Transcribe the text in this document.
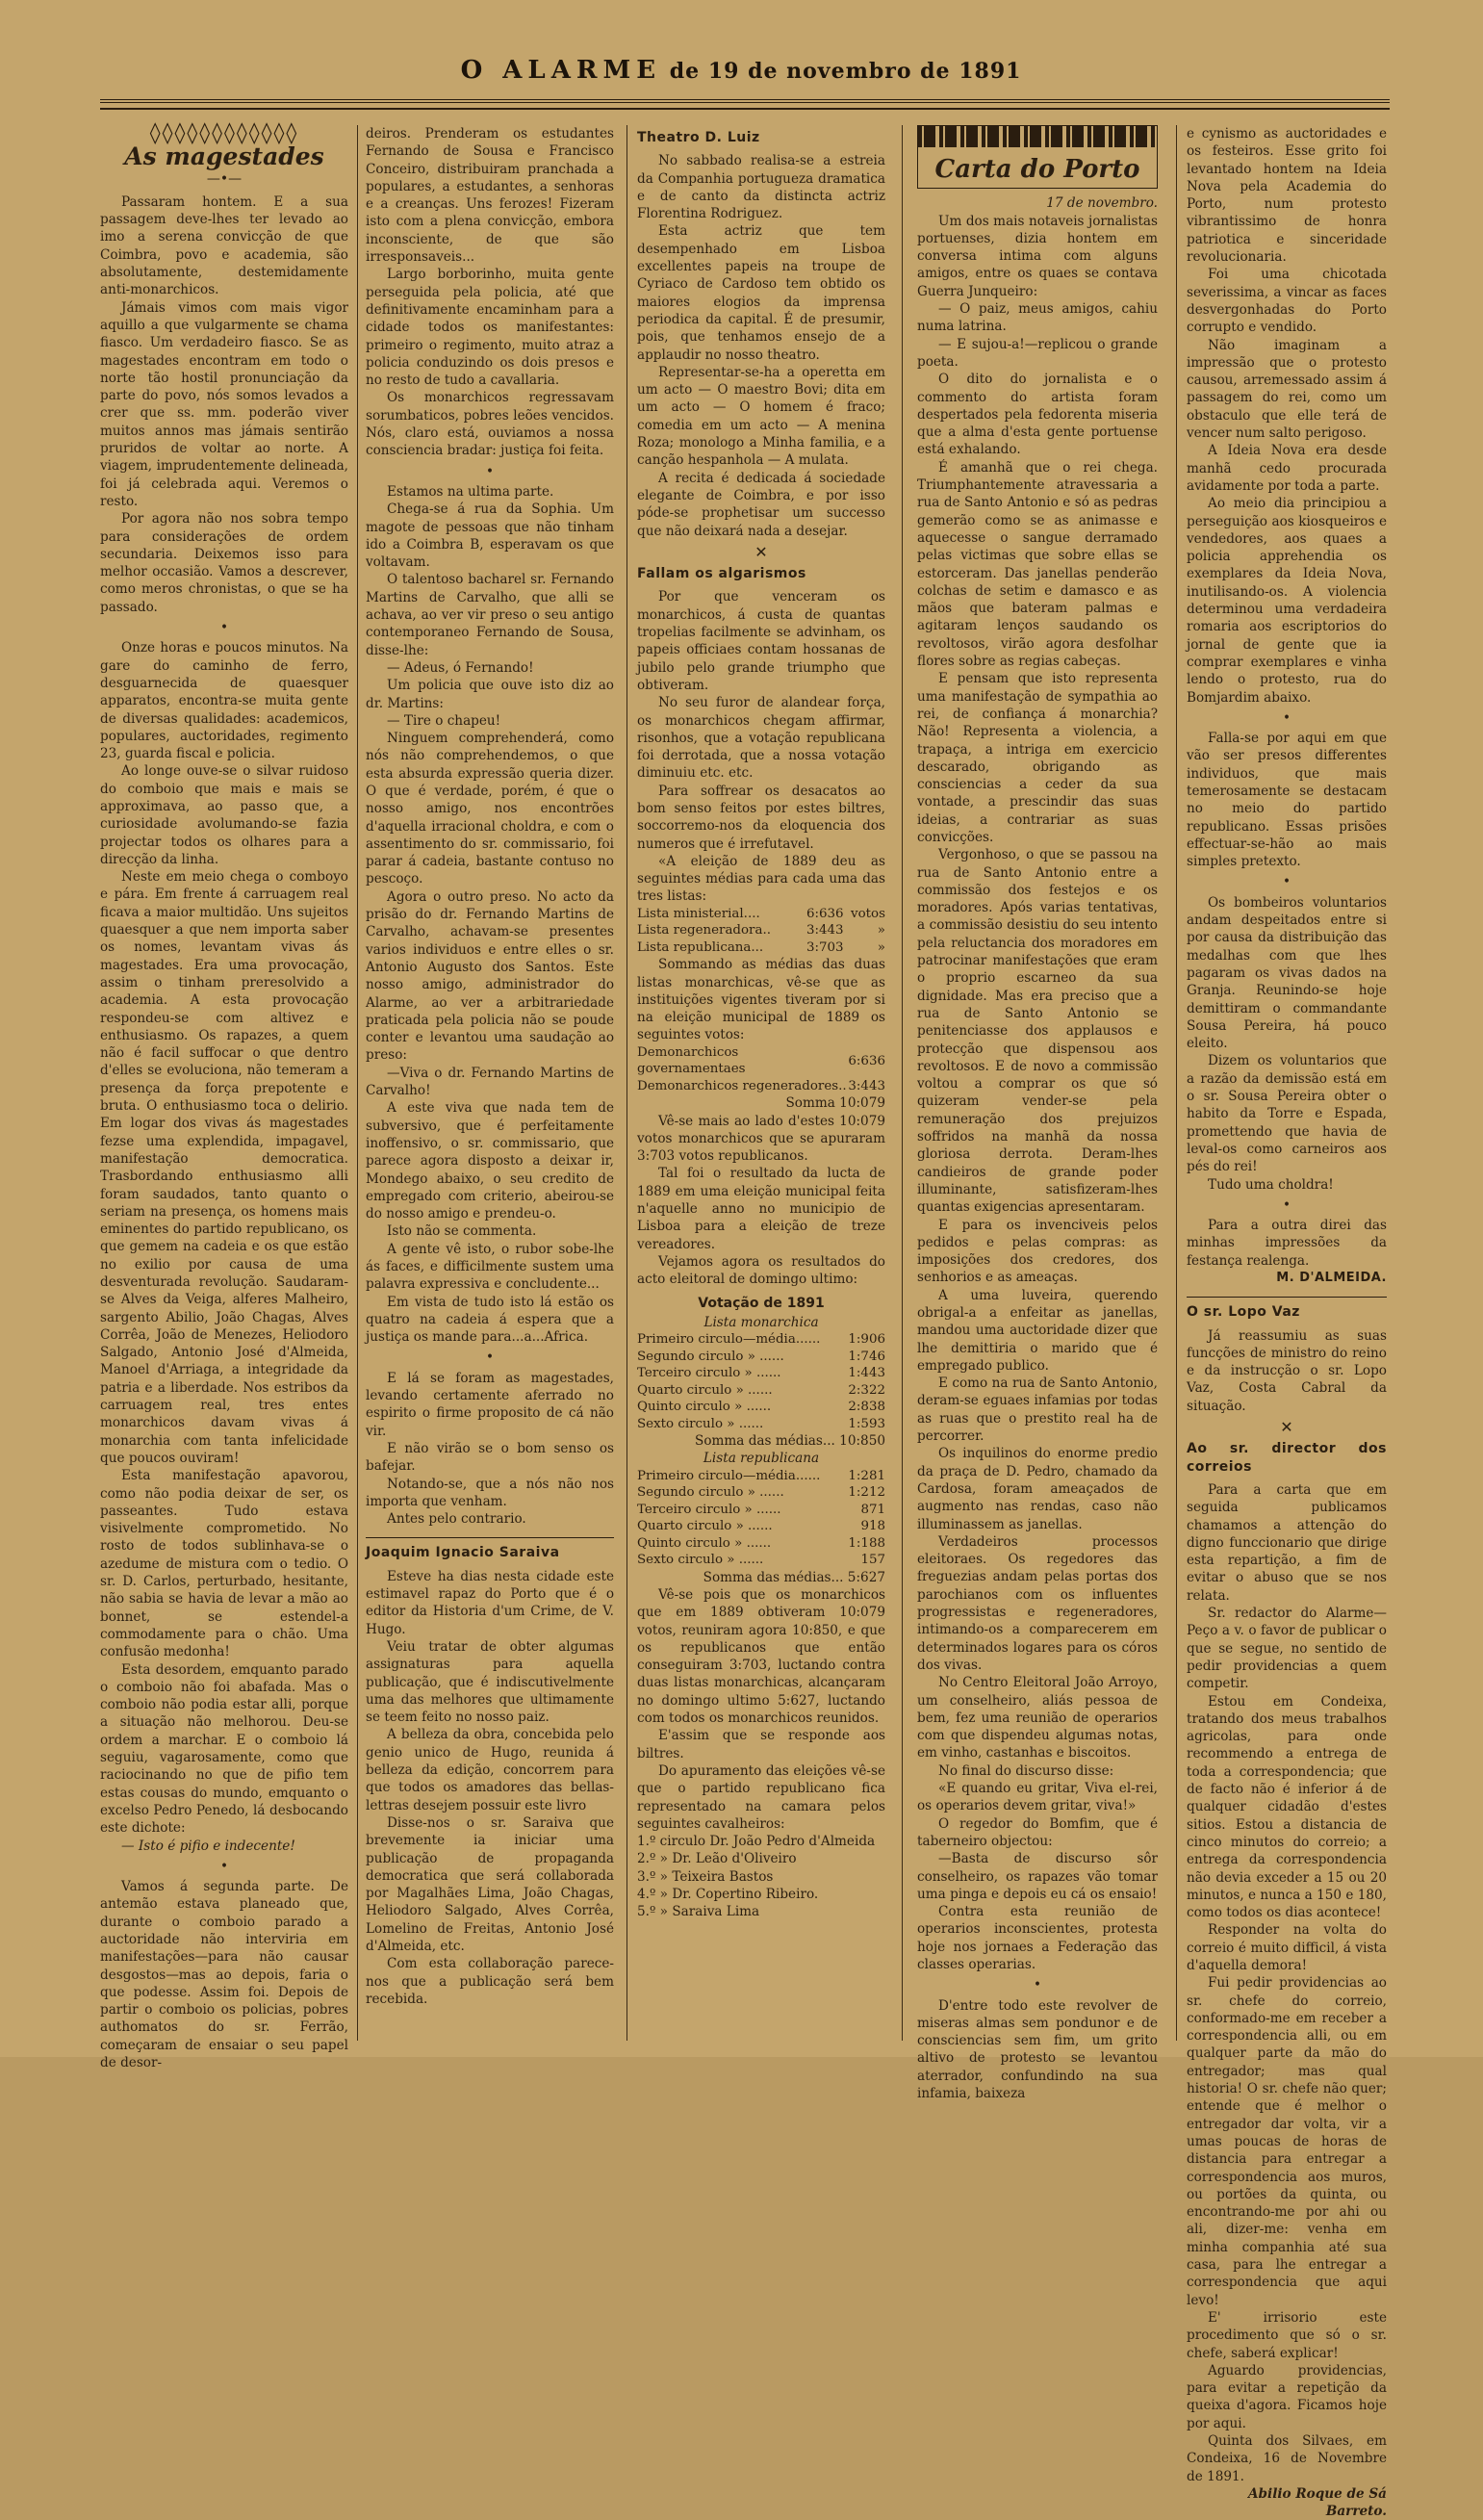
O ALARME de 19 de novembro de 1891
◊◊◊◊◊◊◊◊◊◊◊◊
As magestades
—•—

Passaram hontem. E a sua passagem deve-lhes ter levado ao imo a serena convicção de que Coimbra, povo e academia, são absolutamente, destemidamente anti-monarchicos.

Jámais vimos com mais vigor aquillo a que vulgarmente se chama fiasco. Um verdadeiro fiasco. Se as magestades encontram em todo o norte tão hostil pronunciação da parte do povo, nós somos levados a crer que ss. mm. poderão viver muitos annos mas jámais sentirão pruridos de voltar ao norte. A viagem, imprudentemente delineada, foi já celebrada aqui. Veremos o resto.

Por agora não nos sobra tempo para considerações de ordem secundaria. Deixemos isso para melhor occasião. Vamos a descrever, como meros chronistas, o que se ha passado.

•

Onze horas e poucos minutos. Na gare do caminho de ferro, desguarnecida de quaesquer apparatos, encontra-se muita gente de diversas qualidades: academicos, populares, auctoridades, regimento 23, guarda fiscal e policia.

Ao longe ouve-se o silvar ruidoso do comboio que mais e mais se approximava, ao passo que, a curiosidade avolumando-se fazia projectar todos os olhares para a direcção da linha.

Neste em meio chega o comboyo e pára. Em frente á carruagem real ficava a maior multidão. Uns sujeitos quaesquer a que nem importa saber os nomes, levantam vivas ás magestades. Era uma provocação, assim o tinham preresolvido a academia. A esta provocação respondeu-se com altivez e enthusiasmo. Os rapazes, a quem não é facil suffocar o que dentro d'elles se evoluciona, não temeram a presença da força prepotente e bruta. O enthusiasmo toca o delirio. Em logar dos vivas ás magestades fezse uma explendida, impagavel, manifestação democratica. Trasbordando enthusiasmo alli foram saudados, tanto quanto o seriam na presença, os homens mais eminentes do partido republicano, os que gemem na cadeia e os que estão no exilio por causa de uma desventurada revolução. Saudaram-se Alves da Veiga, alferes Malheiro, sargento Abilio, João Chagas, Alves Corrêa, João de Menezes, Heliodoro Salgado, Antonio José d'Almeida, Manoel d'Arriaga, a integridade da patria e a liberdade. Nos estribos da carruagem real, tres entes monarchicos davam vivas á monarchia com tanta infelicidade que poucos ouviram!

Esta manifestação apavorou, como não podia deixar de ser, os passeantes. Tudo estava visivelmente comprometido. No rosto de todos sublinhava-se o azedume de mistura com o tedio. O sr. D. Carlos, perturbado, hesitante, não sabia se havia de levar a mão ao bonnet, se estendel-a commodamente para o chão. Uma confusão medonha!

Esta desordem, emquanto parado o comboio não foi abafada. Mas o comboio não podia estar alli, porque a situação não melhorou. Deu-se ordem a marchar. E o comboio lá seguiu, vagarosamente, como que raciocinando no que de pifio tem estas cousas do mundo, emquanto o excelso Pedro Penedo, lá desbocando este dichote:

— Isto é pifio e indecente!

•

Vamos á segunda parte. De antemão estava planeado que, durante o comboio parado a auctoridade não interviria em manifestações—para não causar desgostos—mas ao depois, faria o que podesse. Assim foi. Depois de partir o comboio os policias, pobres authomatos do sr. Ferrão, começaram de ensaiar o seu papel de desor-

deiros. Prenderam os estudantes Fernando de Sousa e Francisco Conceiro, distribuiram pranchada a populares, a estudantes, a senhoras e a creanças. Uns ferozes! Fizeram isto com a plena convicção, embora inconsciente, de que são irresponsaveis...

Largo borborinho, muita gente perseguida pela policia, até que definitivamente encaminham para a cidade todos os manifestantes: primeiro o regimento, muito atraz a policia conduzindo os dois presos e no resto de tudo a cavallaria.

Os monarchicos regressavam sorumbaticos, pobres leões vencidos. Nós, claro está, ouviamos a nossa consciencia bradar: justiça foi feita.

•

Estamos na ultima parte.

Chega-se á rua da Sophia. Um magote de pessoas que não tinham ido a Coimbra B, esperavam os que voltavam.

O talentoso bacharel sr. Fernando Martins de Carvalho, que alli se achava, ao ver vir preso o seu antigo contemporaneo Fernando de Sousa, disse-lhe:

— Adeus, ó Fernando!

Um policia que ouve isto diz ao dr. Martins:

— Tire o chapeu!

Ninguem comprehenderá, como nós não comprehendemos, o que esta absurda expressão queria dizer. O que é verdade, porém, é que o nosso amigo, nos encontrões d'aquella irracional choldra, e com o assentimento do sr. commissario, foi parar á cadeia, bastante contuso no pescoço.

Agora o outro preso. No acto da prisão do dr. Fernando Martins de Carvalho, achavam-se presentes varios individuos e entre elles o sr. Antonio Augusto dos Santos. Este nosso amigo, administrador do Alarme, ao ver a arbitrariedade praticada pela policia não se poude conter e levantou uma saudação ao preso:

—Viva o dr. Fernando Martins de Carvalho!

A este viva que nada tem de subversivo, que é perfeitamente inoffensivo, o sr. commissario, que parece agora disposto a deixar ir, Mondego abaixo, o seu credito de empregado com criterio, abeirou-se do nosso amigo e prendeu-o.

Isto não se commenta.

A gente vê isto, o rubor sobe-lhe ás faces, e difficilmente sustem uma palavra expressiva e concludente...

Em vista de tudo isto lá estão os quatro na cadeia á espera que a justiça os mande para...a...Africa.

•

E lá se foram as magestades, levando certamente aferrado no espirito o firme proposito de cá não vir.

E não virão se o bom senso os bafejar.

Notando-se, que a nós não nos importa que venham.

Antes pelo contrario.

Joaquim Ignacio Saraiva

Esteve ha dias nesta cidade este estimavel rapaz do Porto que é o editor da Historia d'um Crime, de V. Hugo.

Veiu tratar de obter algumas assignaturas para aquella publicação, que é indiscutivelmente uma das melhores que ultimamente se teem feito no nosso paiz.

A belleza da obra, concebida pelo genio unico de Hugo, reunida á belleza da edição, concorrem para que todos os amadores das bellas-lettras desejem possuir este livro

Disse-nos o sr. Saraiva que brevemente ia iniciar uma publicação de propaganda democratica que será collaborada por Magalhães Lima, João Chagas, Heliodoro Salgado, Alves Corrêa, Lomelino de Freitas, Antonio José d'Almeida, etc.

Com esta collaboração parece-nos que a publicação será bem recebida.

Theatro D. Luiz

No sabbado realisa-se a estreia da Companhia portugueza dramatica e de canto da distincta actriz Florentina Rodriguez.

Esta actriz que tem desempenhado em Lisboa excellentes papeis na troupe de Cyriaco de Cardoso tem obtido os maiores elogios da imprensa periodica da capital. É de presumir, pois, que tenhamos ensejo de a applaudir no nosso theatro.

Representar-se-ha a operetta em um acto — O maestro Bovi; dita em um acto — O homem é fraco; comedia em um acto — A menina Roza; monologo a Minha familia, e a canção hespanhola — A mulata.

A recita é dedicada á sociedade elegante de Coimbra, e por isso póde-se prophetisar um successo que não deixará nada a desejar.

✕
Fallam os algarismos

Por que venceram os monarchicos, á custa de quantas tropelias facilmente se advinham, os papeis officiaes contam hossanas de jubilo pelo grande triumpho que obtiveram.

No seu furor de alandear força, os monarchicos chegam affirmar, risonhos, que a votação republicana foi derrotada, que a nossa votação diminuiu etc. etc.

Para soffrear os desacatos ao bom senso feitos por estes biltres, soccorremo-nos da eloquencia dos numeros que é irrefutavel.

«A eleição de 1889 deu as seguintes médias para cada uma das tres listas:

Lista ministerial....	6:636	votos
Lista regeneradora..	3:443	»
Lista republicana...	3:703	»

Sommando as médias das duas listas monarchicas, vê-se que as instituições vigentes tiveram por si na eleição municipal de 1889 os seguintes votos:

Demonarchicos governamentaes	6:636
Demonarchicos regeneradores..	3:443

Somma 10:079

Vê-se mais ao lado d'estes 10:079 votos monarchicos que se apuraram 3:703 votos republicanos.

Tal foi o resultado da lucta de 1889 em uma eleição municipal feita n'aquelle anno no municipio de Lisboa para a eleição de treze vereadores.

Vejamos agora os resultados do acto eleitoral de domingo ultimo:

Votação de 1891

Lista monarchica

Primeiro circulo—média......	1:906
Segundo circulo » ......	1:746
Terceiro circulo » ......	1:443
Quarto circulo » ......	2:322
Quinto circulo » ......	2:838
Sexto circulo » ......	1:593

Somma das médias... 10:850

Lista republicana

Primeiro circulo—média......	1:281
Segundo circulo » ......	1:212
Terceiro circulo » ......	871
Quarto circulo » ......	918
Quinto circulo » ......	1:188
Sexto circulo » ......	157

Somma das médias... 5:627

Vê-se pois que os monarchicos que em 1889 obtiveram 10:079 votos, reuniram agora 10:850, e que os republicanos que então conseguiram 3:703, luctando contra duas listas monarchicas, alcançaram no domingo ultimo 5:627, luctando com todos os monarchicos reunidos.

E'assim que se responde aos biltres.

Do apuramento das eleições vê-se que o partido republicano fica representado na camara pelos seguintes cavalheiros:

1.º circulo Dr. João Pedro d'Almeida

2.º » Dr. Leão d'Oliveiro

3.º » Teixeira Bastos

4.º » Dr. Copertino Ribeiro.

5.º » Saraiva Lima

Carta do Porto

17 de novembro.

Um dos mais notaveis jornalistas portuenses, dizia hontem em conversa intima com alguns amigos, entre os quaes se contava Guerra Junqueiro:

— O paiz, meus amigos, cahiu numa latrina.

— E sujou-a!—replicou o grande poeta.

O dito do jornalista e o commento do artista foram despertados pela fedorenta miseria que a alma d'esta gente portuense está exhalando.

É amanhã que o rei chega. Triumphantemente atravessaria a rua de Santo Antonio e só as pedras gemerão como se as animasse e aquecesse o sangue derramado pelas victimas que sobre ellas se estorceram. Das janellas penderão colchas de setim e damasco e as mãos que bateram palmas e agitaram lenços saudando os revoltosos, virão agora desfolhar flores sobre as regias cabeças.

E pensam que isto representa uma manifestação de sympathia ao rei, de confiança á monarchia? Não! Representa a violencia, a trapaça, a intriga em exercicio descarado, obrigando as consciencias a ceder da sua vontade, a prescindir das suas ideias, a contrariar as suas convicções.

Vergonhoso, o que se passou na rua de Santo Antonio entre a commissão dos festejos e os moradores. Após varias tentativas, a commissão desistiu do seu intento pela reluctancia dos moradores em patrocinar manifestações que eram o proprio escarneo da sua dignidade. Mas era preciso que a rua de Santo Antonio se penitenciasse dos applausos e protecção que dispensou aos revoltosos. E de novo a commissão voltou a comprar os que só quizeram vender-se pela remuneração dos prejuizos soffridos na manhã da nossa gloriosa derrota. Deram-lhes candieiros de grande poder illuminante, satisfizeram-lhes quantas exigencias apresentaram.

E para os invenciveis pelos pedidos e pelas compras: as imposições dos credores, dos senhorios e as ameaças.

A uma luveira, querendo obrigal-a a enfeitar as janellas, mandou uma auctoridade dizer que lhe demittiria o marido que é empregado publico.

E como na rua de Santo Antonio, deram-se eguaes infamias por todas as ruas que o prestito real ha de percorrer.

Os inquilinos do enorme predio da praça de D. Pedro, chamado da Cardosa, foram ameaçados de augmento nas rendas, caso não illuminassem as janellas.

Verdadeiros processos eleitoraes. Os regedores das freguezias andam pelas portas dos parochianos com os influentes progressistas e regeneradores, intimando-os a comparecerem em determinados logares para os córos dos vivas.

No Centro Eleitoral João Arroyo, um conselheiro, aliás pessoa de bem, fez uma reunião de operarios com que dispendeu algumas notas, em vinho, castanhas e biscoitos.

No final do discurso disse:

«E quando eu gritar, Viva el-rei, os operarios devem gritar, viva!»

O regedor do Bomfim, que é taberneiro objectou:

—Basta de discurso sôr conselheiro, os rapazes vão tomar uma pinga e depois eu cá os ensaio!

Contra esta reunião de operarios inconscientes, protesta hoje nos jornaes a Federação das classes operarias.

•

D'entre todo este revolver de miseras almas sem pondunor e de consciencias sem fim, um grito altivo de protesto se levantou aterrador, confundindo na sua infamia, baixeza

e cynismo as auctoridades e os festeiros. Esse grito foi levantado hontem na Ideia Nova pela Academia do Porto, num protesto vibrantissimo de honra patriotica e sinceridade revolucionaria.

Foi uma chicotada severissima, a vincar as faces desvergonhadas do Porto corrupto e vendido.

Não imaginam a impressão que o protesto causou, arremessado assim á passagem do rei, como um obstaculo que elle terá de vencer num salto perigoso.

A Ideia Nova era desde manhã cedo procurada avidamente por toda a parte.

Ao meio dia principiou a perseguição aos kiosqueiros e vendedores, aos quaes a policia apprehendia os exemplares da Ideia Nova, inutilisando-os. A violencia determinou uma verdadeira romaria aos escriptorios do jornal de gente que ia comprar exemplares e vinha lendo o protesto, rua do Bomjardim abaixo.

•

Falla-se por aqui em que vão ser presos differentes individuos, que mais temerosamente se destacam no meio do partido republicano. Essas prisões effectuar-se-hão ao mais simples pretexto.

•

Os bombeiros voluntarios andam despeitados entre si por causa da distribuição das medalhas com que lhes pagaram os vivas dados na Granja. Reunindo-se hoje demittiram o commandante Sousa Pereira, há pouco eleito.

Dizem os voluntarios que a razão da demissão está em o sr. Sousa Pereira obter o habito da Torre e Espada, promettendo que havia de leval-os como carneiros aos pés do rei!

Tudo uma choldra!

•

Para a outra direi das minhas impressões da festança realenga.

M. D'ALMEIDA.

O sr. Lopo Vaz

Já reassumiu as suas funcções de ministro do reino e da instrucção o sr. Lopo Vaz, Costa Cabral da situação.

✕
Ao sr. director dos correios

Para a carta que em seguida publicamos chamamos a attenção do digno funccionario que dirige esta repartição, a fim de evitar o abuso que se nos relata.

Sr. redactor do Alarme—Peço a v. o favor de publicar o que se segue, no sentido de pedir providencias a quem competir.

Estou em Condeixa, tratando dos meus trabalhos agricolas, para onde recommendo a entrega de toda a correspondencia; que de facto não é inferior á de qualquer cidadão d'estes sitios. Estou a distancia de cinco minutos do correio; a entrega da correspondencia não devia exceder a 15 ou 20 minutos, e nunca a 150 e 180, como todos os dias acontece!

Responder na volta do correio é muito difficil, á vista d'aquella demora!

Fui pedir providencias ao sr. chefe do correio, conformado-me em receber a correspondencia alli, ou em qualquer parte da mão do entregador; mas qual historia! O sr. chefe não quer; entende que é melhor o entregador dar volta, vir a umas poucas de horas de distancia para entregar a correspondencia aos muros, ou portões da quinta, ou encontrando-me por ahi ou ali, dizer-me: venha em minha companhia até sua casa, para lhe entregar a correspondencia que aqui levo!

E' irrisorio este procedimento que só o sr. chefe, saberá explicar!

Aguardo providencias, para evitar a repetição da queixa d'agora. Ficamos hoje por aqui.

Quinta dos Silvaes, em Condeixa, 16 de Novembre de 1891.

Abilio Roque de Sá Barreto.
